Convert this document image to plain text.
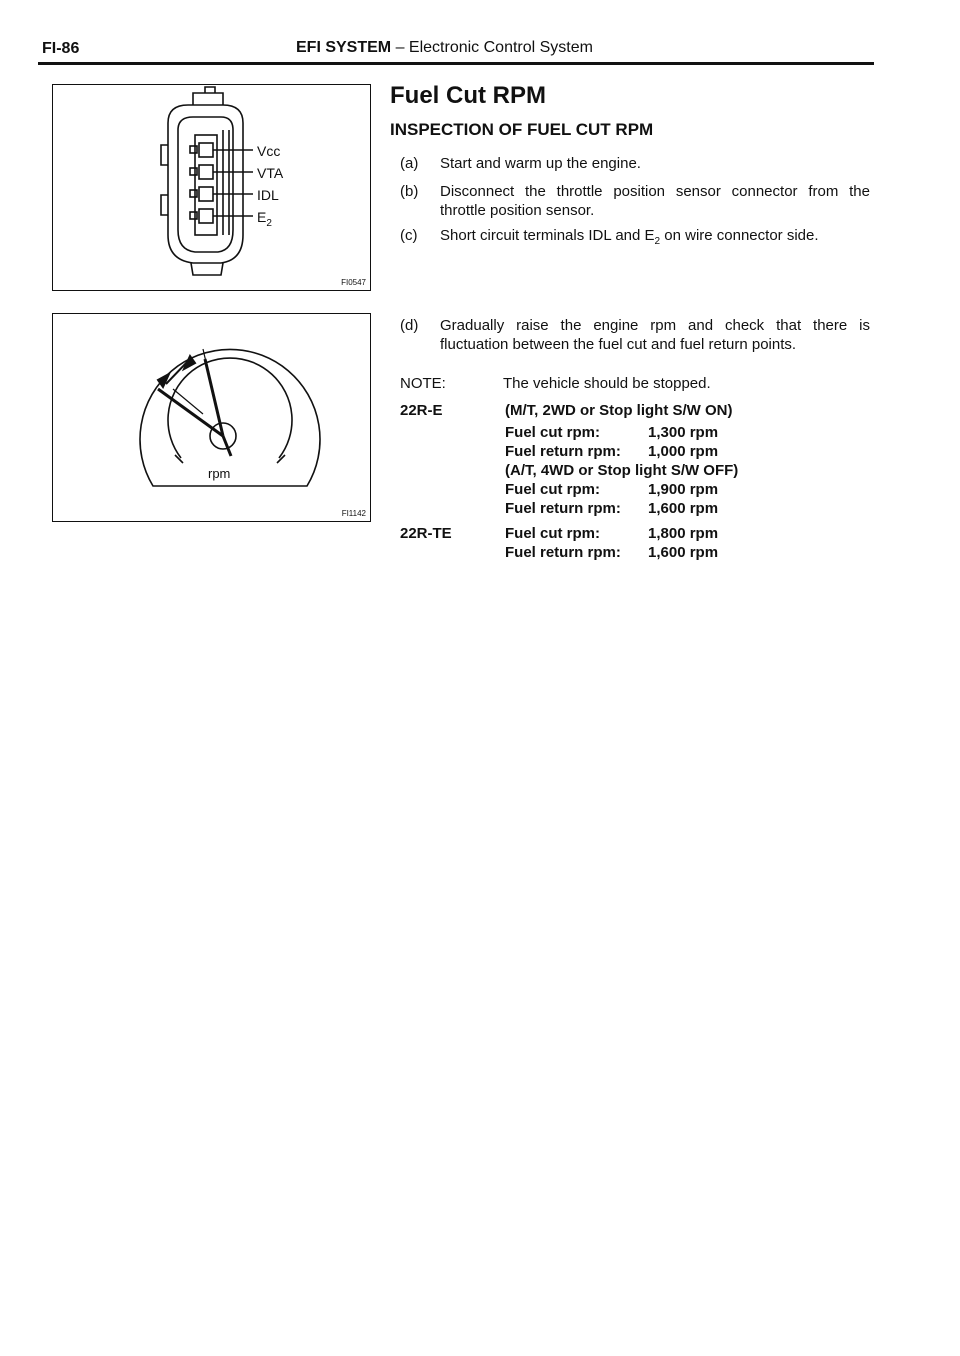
FI-86	EFI SYSTEM – Electronic Control System
Vcc
VTA
IDL
$E_2$
FI0547
rpm
FI1142
Fuel Cut RPM
INSPECTION OF FUEL CUT RPM
(a) Start and warm up the engine.
(b) Disconnect the throttle position sensor connector from the throttle position sensor.
(c) Short circuit terminals IDL and $E_2$ on wire connector side.
(d) Gradually raise the engine rpm and check that there is fluctuation between the fuel cut and fuel return points.
NOTE:	The vehicle should be stopped.
22R-E	(M/T, 2WD or Stop light S/W ON)
Fuel cut rpm:	1,300 rpm
Fuel return rpm: 1,000 rpm
(A/T, 4WD or Stop light S/W OFF)
Fuel cut rpm:	1,900 rpm
Fuel return rpm: 1,600 rpm
22R-TE	Fuel cut rpm:	1,800 rpm
Fuel return rpm: 1,600 rpm
